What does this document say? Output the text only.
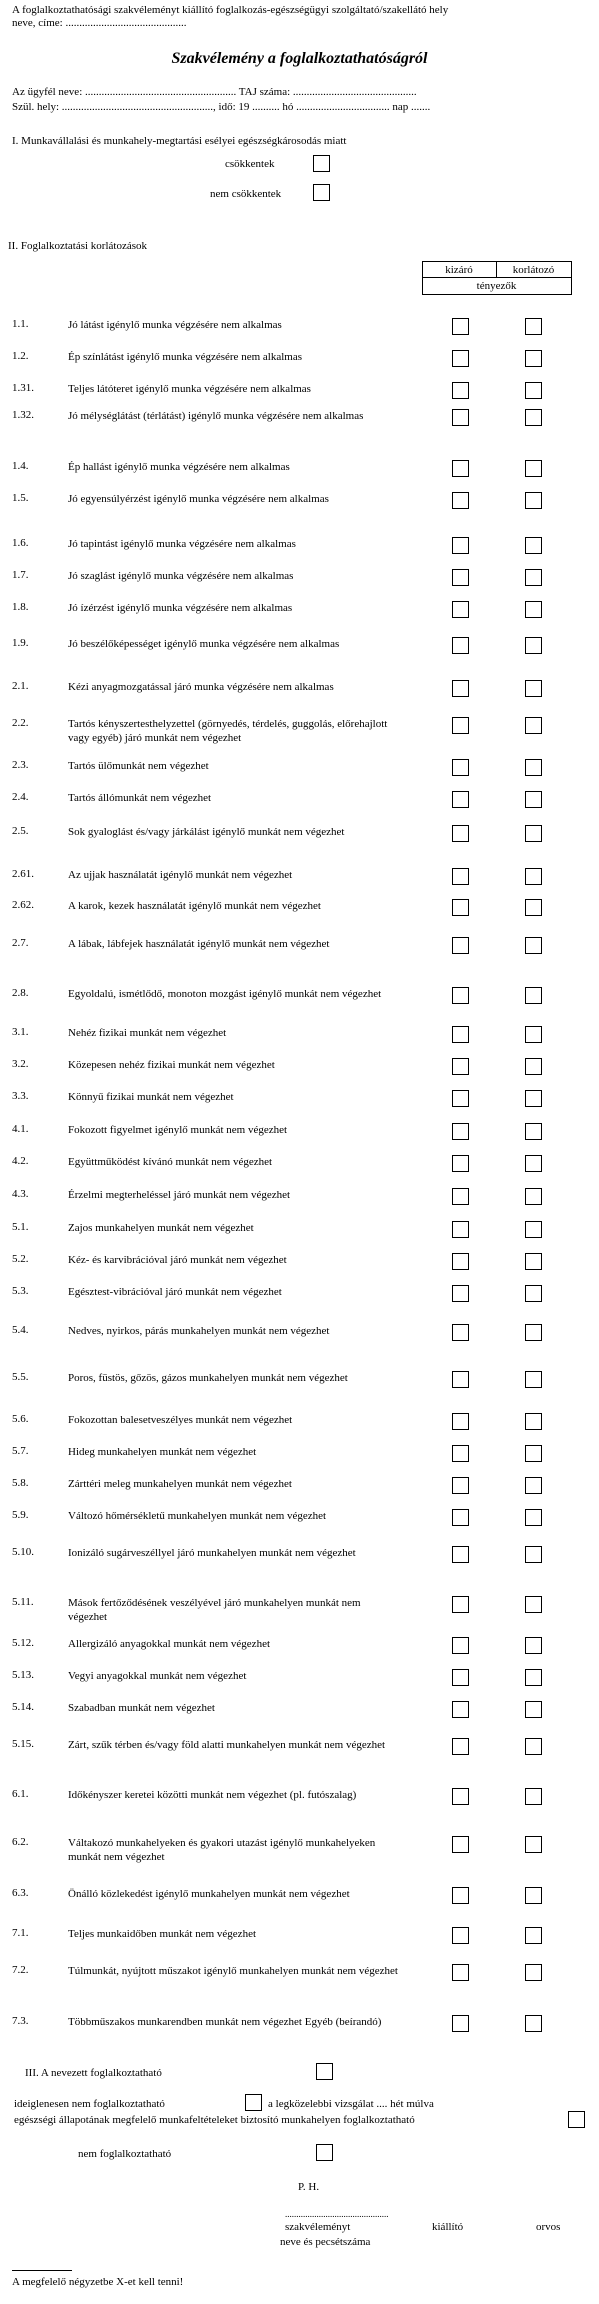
A foglalkoztathatósági szakvéleményt kiállító foglalkozás-egészségügyi szolgáltató/szakellátó hely
neve, címe: ............................................
Szakvélemény a foglalkoztathatóságról
Az ügyfél neve: ....................................................... TAJ száma: .............................................
Szül. hely: ......................................................., idő: 19 .......... hó .................................. nap .......
I. Munkavállalási és munkahely-megtartási esélyei egészségkárosodás miatt
csökkentek
nem csökkentek
II. Foglalkoztatási korlátozások
kizáró	korlátozó
tényezők
1.1.	Jó látást igénylő munka végzésére nem alkalmas
1.2.	Ép színlátást igénylő munka végzésére nem alkalmas
1.31.	Teljes látóteret igénylő munka végzésére nem alkalmas
1.32.	Jó mélységlátást (térlátást) igénylő munka végzésére nem alkalmas
1.4.	Ép hallást igénylő munka végzésére nem alkalmas
1.5.	Jó egyensúlyérzést igénylő munka végzésére nem alkalmas
1.6.	Jó tapintást igénylő munka végzésére nem alkalmas
1.7.	Jó szaglást igénylő munka végzésére nem alkalmas
1.8.	Jó ízérzést igénylő munka végzésére nem alkalmas
1.9.	Jó beszélőképességet igénylő munka végzésére nem alkalmas
2.1.	Kézi anyagmozgatással járó munka végzésére nem alkalmas
2.2.	Tartós kényszertesthelyzettel (görnyedés, térdelés, guggolás, előrehajlott vagy egyéb) járó munkát nem végezhet
2.3.	Tartós ülőmunkát nem végezhet
2.4.	Tartós állómunkát nem végezhet
2.5.	Sok gyaloglást és/vagy járkálást igénylő munkát nem végezhet
2.61.	Az ujjak használatát igénylő munkát nem végezhet
2.62.	A karok, kezek használatát igénylő munkát nem végezhet
2.7.	A lábak, lábfejek használatát igénylő munkát nem végezhet
2.8.	Egyoldalú, ismétlődő, monoton mozgást igénylő munkát nem végezhet
3.1.	Nehéz fizikai munkát nem végezhet
3.2.	Közepesen nehéz fizikai munkát nem végezhet
3.3.	Könnyű fizikai munkát nem végezhet
4.1.	Fokozott figyelmet igénylő munkát nem végezhet
4.2.	Együttműködést kívánó munkát nem végezhet
4.3.	Érzelmi megterheléssel járó munkát nem végezhet
5.1.	Zajos munkahelyen munkát nem végezhet
5.2.	Kéz- és karvibrációval járó munkát nem végezhet
5.3.	Egésztest-vibrációval járó munkát nem végezhet
5.4.	Nedves, nyirkos, párás munkahelyen munkát nem végezhet
5.5.	Poros, füstös, gőzös, gázos munkahelyen munkát nem végezhet
5.6.	Fokozottan balesetveszélyes munkát nem végezhet
5.7.	Hideg munkahelyen munkát nem végezhet
5.8.	Zárttéri meleg munkahelyen munkát nem végezhet
5.9.	Változó hőmérsékletű munkahelyen munkát nem végezhet
5.10.	Ionizáló sugárveszéllyel járó munkahelyen munkát nem végezhet
5.11.	Mások fertőződésének veszélyével járó munkahelyen munkát nem végezhet
5.12.	Allergizáló anyagokkal munkát nem végezhet
5.13.	Vegyi anyagokkal munkát nem végezhet
5.14.	Szabadban munkát nem végezhet
5.15.	Zárt, szűk térben és/vagy föld alatti munkahelyen munkát nem végezhet
6.1.	Időkényszer keretei közötti munkát nem végezhet (pl. futószalag)
6.2.	Váltakozó munkahelyeken és gyakori utazást igénylő munkahelyeken munkát nem végezhet
6.3.	Önálló közlekedést igénylő munkahelyen munkát nem végezhet
7.1.	Teljes munkaidőben munkát nem végezhet
7.2.	Túlmunkát, nyújtott műszakot igénylő munkahelyen munkát nem végezhet
7.3.	Többműszakos munkarendben munkát nem végezhet Egyéb (beírandó)
III. A nevezett foglalkoztatható
ideiglenesen nem foglalkoztatható	a legközelebbi vizsgálat .... hét múlva
egészségi állapotának megfelelő munkafeltételeket biztosító munkahelyen foglalkoztatható
nem foglalkoztatható
P. H.
..............................................
szakvéleményt	kiállító	orvos
neve és pecsétszáma
A megfelelő négyzetbe X-et kell tenni!
